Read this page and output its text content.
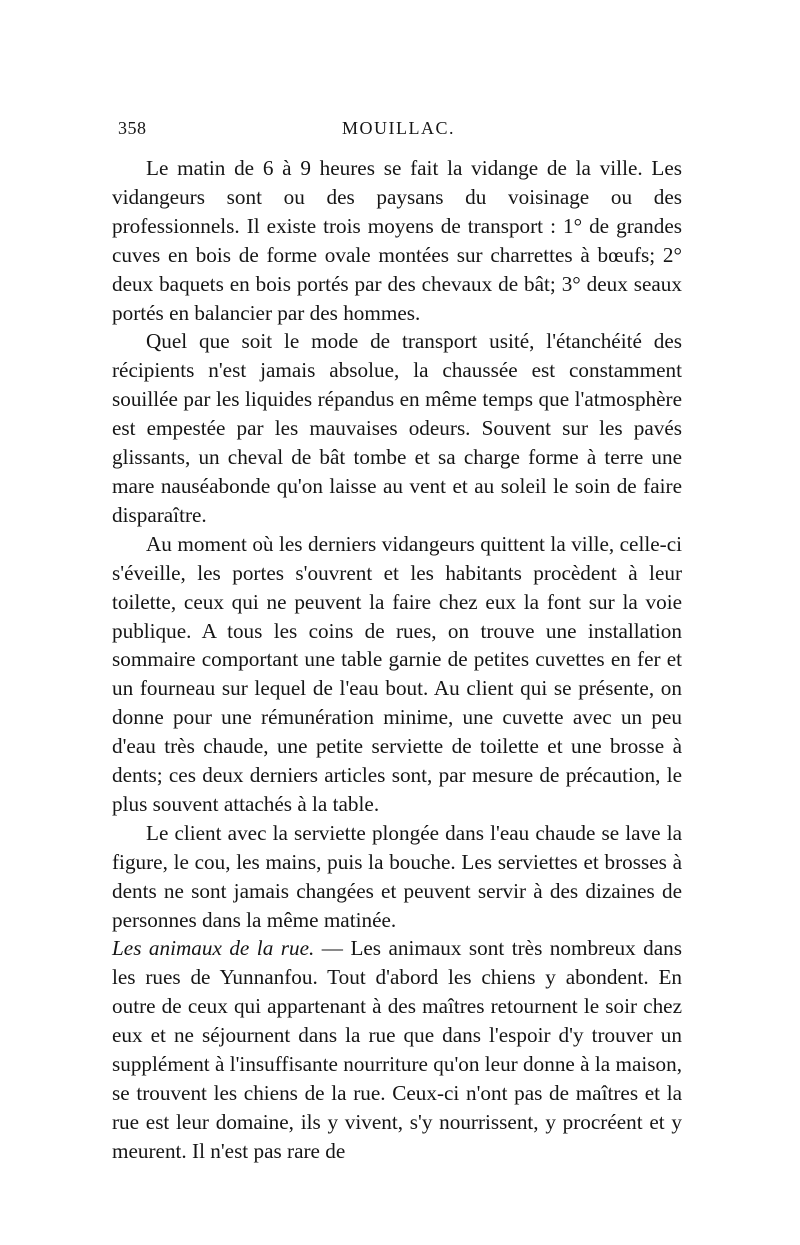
358	MOUILLAC.

Le matin de 6 à 9 heures se fait la vidange de la ville. Les vidangeurs sont ou des paysans du voisinage ou des professionnels. Il existe trois moyens de transport : 1° de grandes cuves en bois de forme ovale montées sur charrettes à bœufs; 2° deux baquets en bois portés par des chevaux de bât; 3° deux seaux portés en balancier par des hommes.

Quel que soit le mode de transport usité, l'étanchéité des récipients n'est jamais absolue, la chaussée est constamment souillée par les liquides répandus en même temps que l'atmosphère est empestée par les mauvaises odeurs. Souvent sur les pavés glissants, un cheval de bât tombe et sa charge forme à terre une mare nauséabonde qu'on laisse au vent et au soleil le soin de faire disparaître.

Au moment où les derniers vidangeurs quittent la ville, celle-ci s'éveille, les portes s'ouvrent et les habitants procèdent à leur toilette, ceux qui ne peuvent la faire chez eux la font sur la voie publique. A tous les coins de rues, on trouve une installation sommaire comportant une table garnie de petites cuvettes en fer et un fourneau sur lequel de l'eau bout. Au client qui se présente, on donne pour une rémunération minime, une cuvette avec un peu d'eau très chaude, une petite serviette de toilette et une brosse à dents; ces deux derniers articles sont, par mesure de précaution, le plus souvent attachés à la table.

Le client avec la serviette plongée dans l'eau chaude se lave la figure, le cou, les mains, puis la bouche. Les serviettes et brosses à dents ne sont jamais changées et peuvent servir à des dizaines de personnes dans la même matinée.

Les animaux de la rue. — Les animaux sont très nombreux dans les rues de Yunnanfou. Tout d'abord les chiens y abondent. En outre de ceux qui appartenant à des maîtres retournent le soir chez eux et ne séjournent dans la rue que dans l'espoir d'y trouver un supplément à l'insuffisante nourriture qu'on leur donne à la maison, se trouvent les chiens de la rue. Ceux-ci n'ont pas de maîtres et la rue est leur domaine, ils y vivent, s'y nourrissent, y procréent et y meurent. Il n'est pas rare de
